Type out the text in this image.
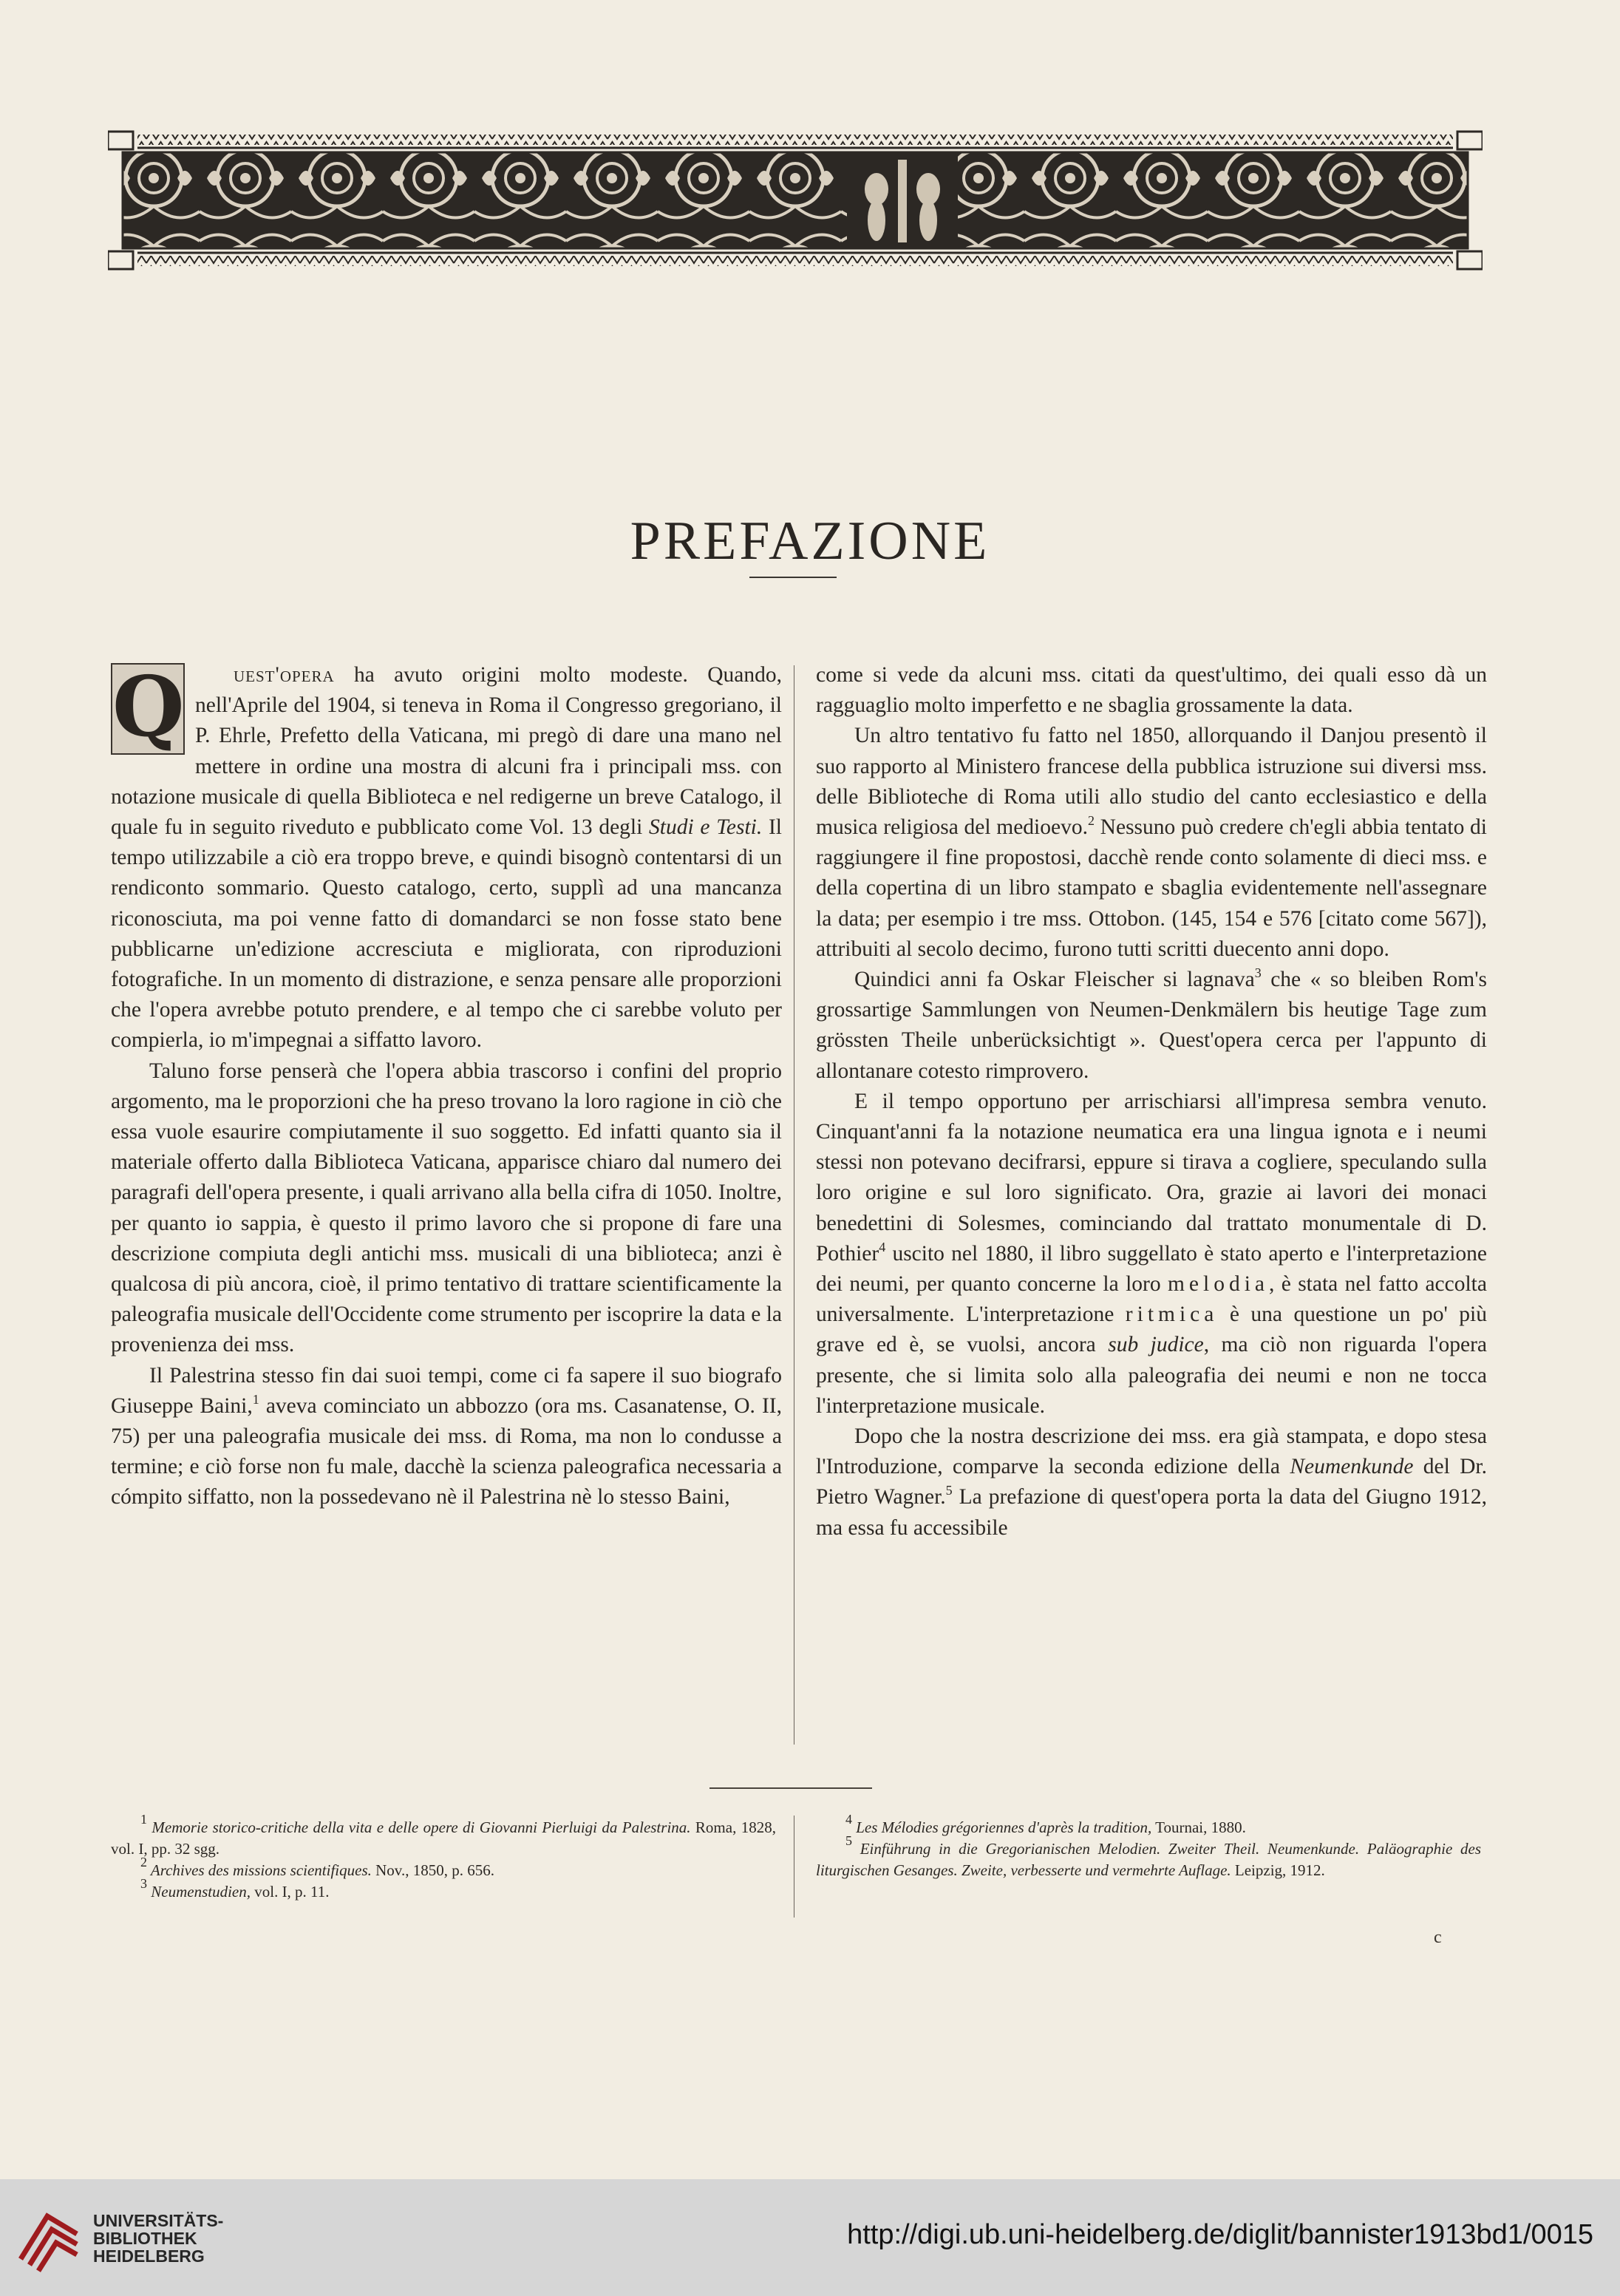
PREFAZIONE
Q	uest'opera ha avuto origini molto modeste. Quando, nell'Aprile del 1904, si teneva in Roma il Congresso gregoriano, il P. Ehrle, Prefetto della Vaticana, mi pregò di dare una mano nel mettere in ordine una mostra di alcuni fra i principali mss. con notazione musicale di quella Biblioteca e nel redigerne un breve Catalogo, il quale fu in seguito riveduto e pubblicato come Vol. 13 degli Studi e Testi. Il tempo utilizzabile a ciò era troppo breve, e quindi bisognò contentarsi di un rendiconto sommario. Questo catalogo, certo, supplì ad una mancanza riconosciuta, ma poi venne fatto di domandarci se non fosse stato bene pubblicarne un'edizione accresciuta e migliorata, con riproduzioni fotografiche. In un momento di distrazione, e senza pensare alle proporzioni che l'opera avrebbe potuto prendere, e al tempo che ci sarebbe voluto per compierla, io m'impegnai a siffatto lavoro.

Taluno forse penserà che l'opera abbia trascorso i confini del proprio argomento, ma le proporzioni che ha preso trovano la loro ragione in ciò che essa vuole esaurire compiutamente il suo soggetto. Ed infatti quanto sia il materiale offerto dalla Biblioteca Vaticana, apparisce chiaro dal numero dei paragrafi dell'opera presente, i quali arrivano alla bella cifra di 1050. Inoltre, per quanto io sappia, è questo il primo lavoro che si propone di fare una descrizione compiuta degli antichi mss. musicali di una biblioteca; anzi è qualcosa di più ancora, cioè, il primo tentativo di trattare scientificamente la paleografia musicale dell'Occidente come strumento per iscoprire la data e la provenienza dei mss.

Il Palestrina stesso fin dai suoi tempi, come ci fa sapere il suo biografo Giuseppe Baini,$^1$ aveva cominciato un abbozzo (ora ms. Casanatense, O. II, 75) per una paleografia musicale dei mss. di Roma, ma non lo condusse a termine; e ciò forse non fu male, dacchè la scienza paleografica necessaria a cómpito siffatto, non la possedevano nè il Palestrina nè lo stesso Baini,

come si vede da alcuni mss. citati da quest'ultimo, dei quali esso dà un ragguaglio molto imperfetto e ne sbaglia grossamente la data.

Un altro tentativo fu fatto nel 1850, allorquando il Danjou presentò il suo rapporto al Ministero francese della pubblica istruzione sui diversi mss. delle Biblioteche di Roma utili allo studio del canto ecclesiastico e della musica religiosa del medioevo.$^2$ Nessuno può credere ch'egli abbia tentato di raggiungere il fine propostosi, dacchè rende conto solamente di dieci mss. e della copertina di un libro stampato e sbaglia evidentemente nell'assegnare la data; per esempio i tre mss. Ottobon. (145, 154 e 576 [citato come 567]), attribuiti al secolo decimo, furono tutti scritti duecento anni dopo.

Quindici anni fa Oskar Fleischer si lagnava$^3$ che « so bleiben Rom's grossartige Sammlungen von Neumen-Denkmälern bis heutige Tage zum grössten Theile unberücksichtigt ». Quest'opera cerca per l'appunto di allontanare cotesto rimprovero.

E il tempo opportuno per arrischiarsi all'impresa sembra venuto. Cinquant'anni fa la notazione neumatica era una lingua ignota e i neumi stessi non potevano decifrarsi, eppure si tirava a cogliere, speculando sulla loro origine e sul loro significato. Ora, grazie ai lavori dei monaci benedettini di Solesmes, cominciando dal trattato monumentale di D. Pothier$^4$ uscito nel 1880, il libro suggellato è stato aperto e l'interpretazione dei neumi, per quanto concerne la loro melodia, è stata nel fatto accolta universalmente. L'interpretazione ritmica è una questione un po' più grave ed è, se vuolsi, ancora sub judice, ma ciò non riguarda l'opera presente, che si limita solo alla paleografia dei neumi e non ne tocca l'interpretazione musicale.

Dopo che la nostra descrizione dei mss. era già stampata, e dopo stesa l'Introduzione, comparve la seconda edizione della Neumenkunde del Dr. Pietro Wagner.$^5$ La prefazione di quest'opera porta la data del Giugno 1912, ma essa fu accessibile

$^1$ Memorie storico-critiche della vita e delle opere di Giovanni Pierluigi da Palestrina. Roma, 1828, vol. I, pp. 32 sgg.
$^2$ Archives des missions scientifiques. Nov., 1850, p. 656.
$^3$ Neumenstudien, vol. I, p. 11.
$^4$ Les Mélodies grégoriennes d'après la tradition, Tournai, 1880.
$^5$ Einführung in die Gregorianischen Melodien. Zweiter Theil. Neumenkunde. Paläographie des liturgischen Gesanges. Zweite, verbesserte und vermehrte Auflage. Leipzig, 1912.
c
UNIVERSITÄTS-
BIBLIOTHEK
HEIDELBERG
http://digi.ub.uni-heidelberg.de/diglit/bannister1913bd1/0015
